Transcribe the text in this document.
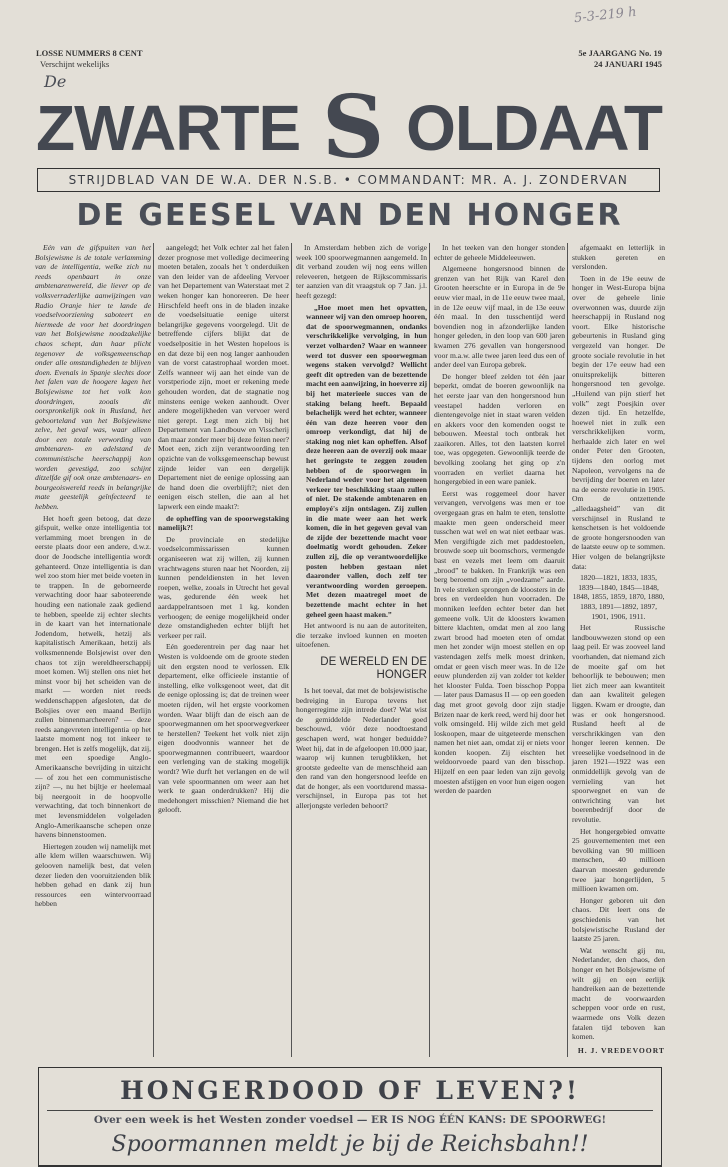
LOSSE NUMMERS 8 CENT
Verschijnt wekelijks
5e JAARGANG No. 19
24 JANUARI 1945
5-3-219 h
De
ZWARTE S OLDAAT
STRIJDBLAD VAN DE W.A. DER N.S.B. • COMMANDANT: MR. A. J. ZONDERVAN
DE GEESEL VAN DEN HONGER

Eén van de gifspuiten van het Bolsjewisme is de totale verlamming van de intelligentia, welke zich nu reeds openbaart in onze ambtenarenwereld, die liever op de volksverraderlijke aanwijzingen van Radio Oranje hier te lande de voedselvoorziening saboteert en hiermede de voor het doordringen van het Bolsjewisme noodzakelijke chaos schept, dan haar plicht tegenover de volksgemeenschap onder alle omstandigheden te blijven doen. Evenals in Spanje slechts door het falen van de hoogere lagen het Bolsjewisme tot het volk kon doordringen, zooals dit oorspronkelijk ook in Rusland, het geboorteland van het Bolsjewisme zelve, het geval was, waar alleen door een totale verwording van ambtenaren- en adelstand de communistische heerschappij kon worden gevestigd, zoo schijnt ditzelfde gif ook onze ambtenaars- en bourgeoiswereld reeds in belangrijke mate geestelijk geïnfecteerd te hebben.

Het hoeft geen betoog, dat deze gifspuit, welke onze intelligentia tot verlamming moet brengen in de eerste plaats door een andere, d.w.z. door de Joodsche intelligentia wordt gehanteerd. Onze intelligentia is dan wel zoo stom hier met beide voeten in te trappen. In de geborneerde verwachting door haar saboteerende houding een nationale zaak gediend te hebben, speelde zij echter slechts in de kaart van het internationale Jodendom, hetwelk, hetzij als kapitalistisch Amerikaan, hetzij als volksmennende Bolsjewist over den chaos tot zijn wereldheerschappij moet komen. Wij stellen ons niet het minst voor bij het scheiden van de markt — worden niet reeds weddenschappen afgesloten, dat de Bolsjies over een maand Berlijn zullen binnenmarcheeren? — deze reeds aangevreten intelligentia op het laatste moment nog tot inkeer te brengen. Het is zelfs mogelijk, dat zij, met een spoedige Anglo-Amerikaansche bevrijding in uitzicht — of zou het een communistische zijn? —, nu het bijltje er heelemaal bij neergooit in de hoopvolle verwachting, dat toch binnenkort de met levensmiddelen volgeladen Anglo-Amerikaansche schepen onze havens binnenstoomen.

Hiertegen zouden wij namelijk met alle klem willen waarschuwen. Wij gelooven namelijk best, dat velen dezer lieden den vooruitzienden blik hebben gehad en dank zij hun ressources een wintervoorraad hebben

aangelegd; het Volk echter zal het falen dezer prognose met volledige decimeering moeten betalen, zooals het 't onderduiken van den leider van de afdeeling Vervoer van het Departement van Waterstaat met 2 weken honger kan honoreeren. De heer Hirschfeld heeft ons in de bladen inzake de voedselsituatie eenige uiterst belangrijke gegevens voorgelegd. Uit de betreffende cijfers blijkt dat de voedselpositie in het Westen hopeloos is en dat deze bij een nog langer aanhouden van de vorst catastrophaal worden moet. Zelfs wanneer wij aan het einde van de vorstperiode zijn, moet er rekening mede gehouden worden, dat de stagnatie nog minstens eenige weken aanhoudt. Over andere mogelijkheden van vervoer werd niet gerept. Legt men zich bij het Departement van Landbouw en Visscherij dan maar zonder meer bij deze feiten neer? Moet een, zich zijn verantwoording ten opzichte van de volksgemeenschap bewust zijnde leider van een dergelijk Departement niet de eenige oplossing aan de hand doen die overblijft?; niet den eenigen eisch stellen, die aan al het lapwerk een einde maakt?:

de opheffing van de spoorwegstaking namelijk?!

De provinciale en stedelijke voedselcommissarissen kunnen organiseeren wat zij willen, zij kunnen vrachtwagens sturen naar het Noorden, zij kunnen pendeldiensten in het leven roepen, welke, zooals in Utrecht het geval was, gedurende één week het aardappelrantsoen met 1 kg. konden verhoogen; de eenige mogelijkheid onder deze omstandigheden echter blijft het verkeer per rail.

Eén goederentrein per dag naar het Westen is voldoende om de groote steden uit den ergsten nood te verlossen. Elk departement, elke officieele instantie of instelling, elke volksgenoot weet, dat dit de eenige oplossing is; dat de treinen weer moeten rijden, wil het ergste voorkomen worden. Waar blijft dan de eisch aan de spoorwegmannen om het spoorwegverkeer te herstellen? Teekent het volk niet zijn eigen doodvonnis wanneer het de spoorwegmannen contribueert, waardoor een verlenging van de staking mogelijk wordt? Wie durft het verlangen en de wil van vele spoormannen om weer aan het werk te gaan onderdrukken? Hij die medehongert misschien? Niemand die het gelooft.

In Amsterdam hebben zich de vorige week 100 spoorwegmannen aangemeld. In dit verband zouden wij nog eens willen releveeren, hetgeen de Rijkscommissaris ter aanzien van dit vraagstuk op 7 Jan. j.l. heeft gezegd:

„Hoe moet men het opvatten, wanneer wij van den omroep hooren, dat de spoorwegmannen, ondanks verschrikkelijke vervolging, in hun verzet volharden? Waar en wanneer werd tot dusver een spoorwegman wegens staken vervolgd? Wellicht geeft dit optreden van de bezettende macht een aanwijzing, in hoeverre zij bij het materieele succes van de staking belang heeft. Bepaald belachelijk werd het echter, wanneer één van deze heeren voor den omroep verkondigt, dat hij de staking nog niet kan opheffen. Alsof deze heeren aan de overzij ook maar het geringste te zeggen zouden hebben of de spoorwegen in Nederland weder voor het algemeen verkeer ter beschikking staan zullen of niet. De stakende ambtenaren en employé's zijn ontslagen. Zij zullen in die mate weer aan het werk komen, die in het gegeven geval van de zijde der bezettende macht voor doelmatig wordt gehouden. Zeker zullen zij, die op verantwoordelijke posten hebben gestaan niet daaronder vallen, doch zelf ter verantwoording worden geroepen. Met dezen maatregel moet de bezettende macht echter in het geheel geen haast maken.”

Het antwoord is nu aan de autoriteiten, die terzake invloed kunnen en moeten uitoefenen.

DE WERELD EN DE HONGER

Is het toeval, dat met de bolsjewistische bedreiging in Europa tevens het hongerregime zijn intrede doet? Wat wist de gemiddelde Nederlander goed beschouwd, vóór deze noodtoestand geschapen werd, wat honger beduidde? Weet hij, dat in de afgeloopen 10.000 jaar, waarop wij kunnen terugblikken, het grootste gedeelte van de menschheid aan den rand van den hongersnood leefde en dat de honger, als een voortdurend massa-verschijnsel, in Europa pas tot het allerjongste verleden behoort?

In het teeken van den honger stonden echter de geheele Middeleeuwen.

Algemeene hongersnood binnen de grenzen van het Rijk van Karel den Grooten heerschte er in Europa in de 9e eeuw vier maal, in de 11e eeuw twee maal, in de 12e eeuw vijf maal, in de 13e eeuw één maal. In den tusschentijd werd bovendien nog in afzonderlijke landen honger geleden, in den loop van 600 jaren kwamen 276 gevallen van hongersnood voor m.a.w. alle twee jaren leed dus een of ander deel van Europa gebrek.

De honger bleef zelden tot één jaar beperkt, omdat de boeren gewoonlijk na het eerste jaar van den hongersnood hun veestapel hadden verloren en dientengevolge niet in staat waren velden en akkers voor den komenden oogst te bebouwen. Meestal toch ontbrak het zaaikoren. Alles, tot den laatsten korrel toe, was opgegeten. Gewoonlijk teerde de bevolking zoolang het ging op z'n voorraden en verliet daarna het hongergebied in een ware paniek.

Eerst was roggemeel door haver vervangen, vervolgens was men er toe overgegaan gras en halm te eten, tenslotte maakte men geen onderscheid meer tusschen wat wel en wat niet eetbaar was. Men vergiftigde zich met paddestoelen, brouwde soep uit boomschors, vermengde bast en vezels met leem om daaruit „brood” te bakken. In Frankrijk was een berg beroemd om zijn „voedzame” aarde. In vele streken sprongen de kloosters in de bres en verdeelden hun voorraden. De monniken leefden echter beter dan het gemeene volk. Uit de kloosters kwamen bittere klachten, omdat men al zoo lang zwart brood had moeten eten of omdat men het zonder wijn moest stellen en op vastendagen zelfs melk moest drinken, omdat er geen visch meer was. In de 12e eeuw plunderden zij van zolder tot kelder het klooster Fulda. Toen bisschop Poppa — later paus Damasus II — op een goeden dag met groot gevolg door zijn stadje Brizen naar de kerk reed, werd hij door het volk omsingeld. Hij wilde zich met geld loskoopen, maar de uitgeteerde menschen namen het niet aan, omdat zij er niets voor konden koopen. Zij eischten het weldoorvoede paard van den bisschop. Hijzelf en een paar leden van zijn gevolg moesten afstijgen en voor hun eigen oogen werden de paarden

afgemaakt en letterlijk in stukken gereten en verslonden.

Toen in de 19e eeuw de honger in West-Europa bijna over de geheele linie overwonnen was, duurde zijn heerschappij in Rusland nog voort. Elke historische gebeurtenis in Rusland ging vergezeld van honger. De groote sociale revolutie in het begin der 17e eeuw had een onuitsprekelijk bitteren hongersnood ten gevolge. „Huilend van pijn stierf het volk” zegt Poesjkin over dezen tijd. En hetzelfde, hoewel niet in zulk een verschrikkelijken vorm, herhaalde zich later en wel onder Peter den Grooten, tijdens den oorlog met Napoleon, vervolgens na de bevrijding der boeren en later na de eerste revolutie in 1905. Om de ontzettende „alledaagsheid” van dit verschijnsel in Rusland te kenschetsen is het voldoende de groote hongersnooden van de laatste eeuw op te sommen. Hier volgen de belangrijkste data:

1820—1821, 1833, 1835, 1839—1840, 1845—1848, 1848, 1855, 1859, 1870, 1880, 1883, 1891—1892, 1897, 1901, 1906, 1911.

Het Russische landbouwwezen stond op een laag peil. Er was zooveel land voorhanden, dat niemand zich de moeite gaf om het behoorlijk te bebouwen; men liet zich meer aan kwantiteit dan aan kwaliteit gelegen liggen. Kwam er droogte, dan was er ook hongersnood. Rusland heeft al de verschrikkingen van den honger leeren kennen. De vreeselijke voedselnood in de jaren 1921—1922 was een onmiddellijk gevolg van de vernieling van het spoorwegnet en van de ontwrichting van het boerenbedrijf door de revolutie.

Het hongergebied omvatte 25 gouvernementen met een bevolking van 90 millioen menschen, 40 millioen daarvan moesten gedurende twee jaar hongerlijden, 5 millioen kwamen om.

Honger geboren uit den chaos. Dit leert ons de geschiedenis van het bolsjewistische Rusland der laatste 25 jaren.

Wat wenscht gij nu, Nederlander, den chaos, den honger en het Bolsjewisme of wilt gij en een eerlijk handreiken aan de bezettende macht de voorwaarden scheppen voor orde en rust, waarmede ons Volk dezen fatalen tijd teboven kan komen.

H. J. VREDEVOORT

HONGERDOOD OF LEVEN?!
Over een week is het Westen zonder voedsel — ER IS NOG ÉÉN KANS: DE SPOORWEG!
Spoormannen meldt je bij de Reichsbahn!!
